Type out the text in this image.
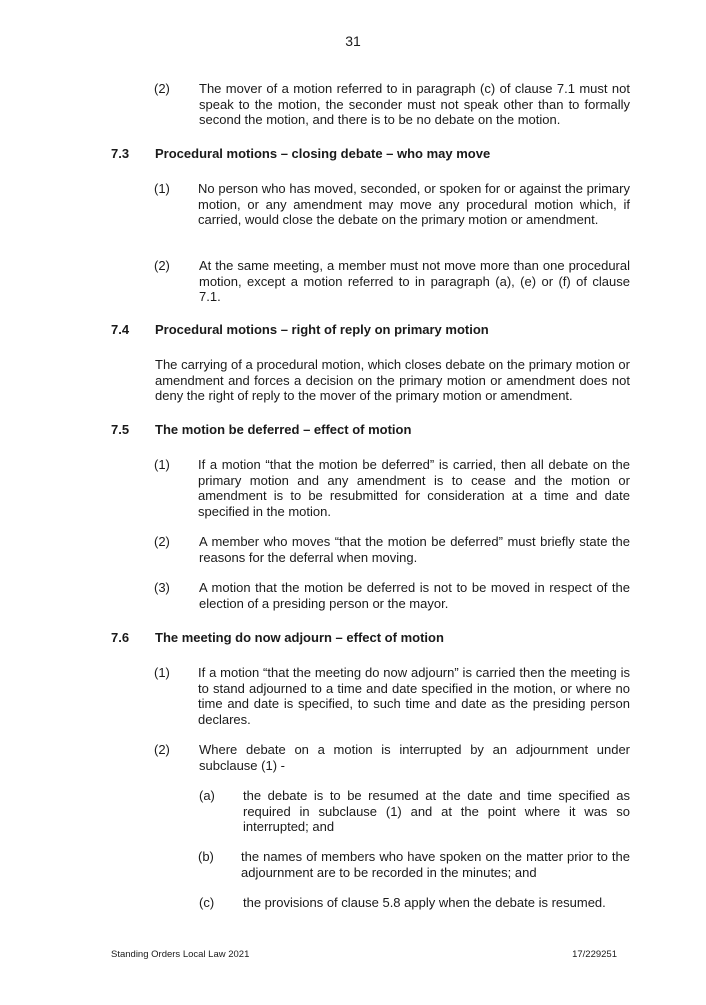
31
(2) The mover of a motion referred to in paragraph (c) of clause 7.1 must not speak to the motion, the seconder must not speak other than to formally second the motion, and there is to be no debate on the motion.
7.3 Procedural motions – closing debate – who may move
(1) No person who has moved, seconded, or spoken for or against the primary motion, or any amendment may move any procedural motion which, if carried, would close the debate on the primary motion or amendment.
(2) At the same meeting, a member must not move more than one procedural motion, except a motion referred to in paragraph (a), (e) or (f) of clause 7.1.
7.4 Procedural motions – right of reply on primary motion
The carrying of a procedural motion, which closes debate on the primary motion or amendment and forces a decision on the primary motion or amendment does not deny the right of reply to the mover of the primary motion or amendment.
7.5 The motion be deferred – effect of motion
(1) If a motion “that the motion be deferred” is carried, then all debate on the primary motion and any amendment is to cease and the motion or amendment is to be resubmitted for consideration at a time and date specified in the motion.
(2) A member who moves “that the motion be deferred” must briefly state the reasons for the deferral when moving.
(3) A motion that the motion be deferred is not to be moved in respect of the election of a presiding person or the mayor.
7.6 The meeting do now adjourn – effect of motion
(1) If a motion “that the meeting do now adjourn” is carried then the meeting is to stand adjourned to a time and date specified in the motion, or where no time and date is specified, to such time and date as the presiding person declares.
(2) Where debate on a motion is interrupted by an adjournment under subclause (1) -
(a) the debate is to be resumed at the date and time specified as required in subclause (1) and at the point where it was so interrupted; and
(b) the names of members who have spoken on the matter prior to the adjournment are to be recorded in the minutes; and
(c) the provisions of clause 5.8 apply when the debate is resumed.
Standing Orders Local Law 2021	17/229251
